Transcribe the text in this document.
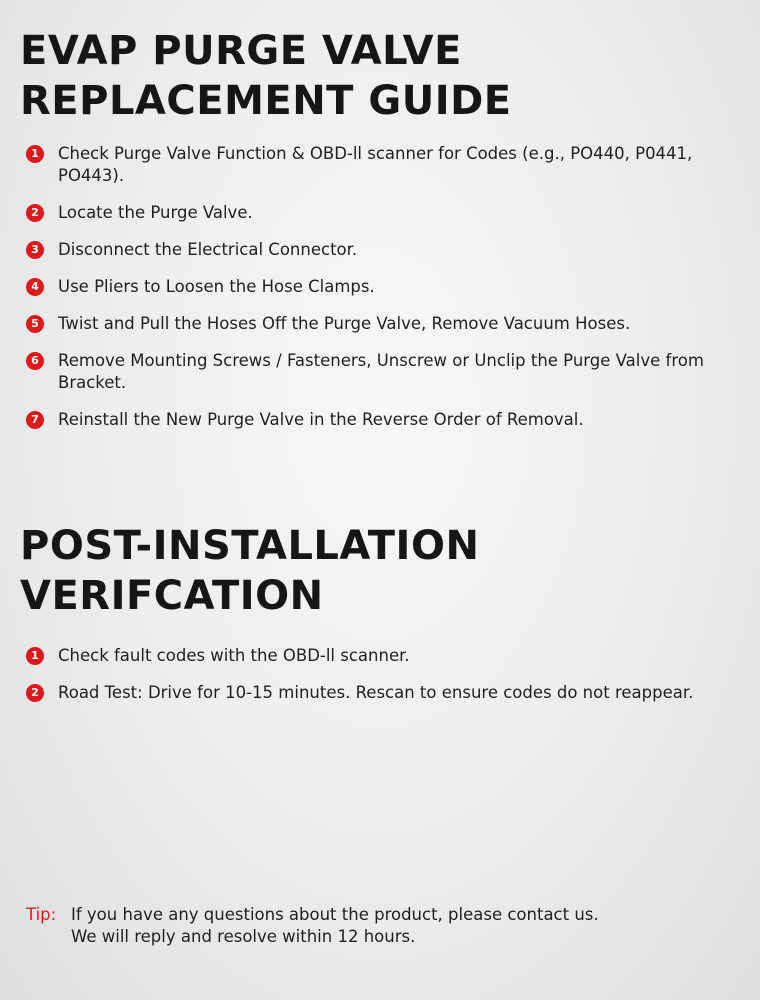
EVAP PURGE VALVE
REPLACEMENT GUIDE
1	Check Purge Valve Function & OBD-ll scanner for Codes (e.g., PO440, P0441, PO443).
2	Locate the Purge Valve.
3	Disconnect the Electrical Connector.
4	Use Pliers to Loosen the Hose Clamps.
5	Twist and Pull the Hoses Off the Purge Valve, Remove Vacuum Hoses.
6	Remove Mounting Screws / Fasteners, Unscrew or Unclip the Purge Valve from Bracket.
7	Reinstall the New Purge Valve in the Reverse Order of Removal.
POST-INSTALLATION
VERIFCATION
1	Check fault codes with the OBD-ll scanner.
2	Road Test: Drive for 10-15 minutes. Rescan to ensure codes do not reappear.
Tip: If you have any questions about the product, please contact us.
We will reply and resolve within 12 hours.
